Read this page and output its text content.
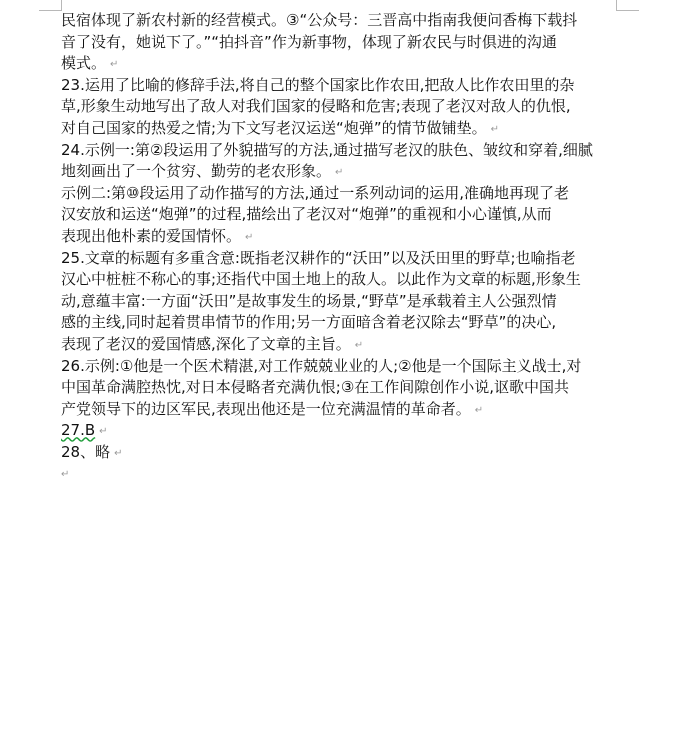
民宿体现了新农村新的经营模式。③“公众号：三晋高中指南我便问香梅下载抖
音了没有，她说下了。”“拍抖音”作为新事物，体现了新农民与时俱进的沟通
模式。 ↵
23.运用了比喻的修辞手法,将自己的整个国家比作农田,把敌人比作农田里的杂
草,形象生动地写出了敌人对我们国家的侵略和危害;表现了老汉对敌人的仇恨,
对自己国家的热爱之情;为下文写老汉运送“炮弹”的情节做铺垫。 ↵
24.示例一:第②段运用了外貌描写的方法,通过描写老汉的肤色、皱纹和穿着,细腻
地刻画出了一个贫穷、勤劳的老农形象。 ↵
示例二:第⑩段运用了动作描写的方法,通过一系列动词的运用,准确地再现了老
汉安放和运送“炮弹”的过程,描绘出了老汉对“炮弹”的重视和小心谨慎,从而
表现出他朴素的爱国情怀。 ↵
25.文章的标题有多重含意:既指老汉耕作的“沃田”以及沃田里的野草;也喻指老
汉心中桩桩不称心的事;还指代中国土地上的敌人。以此作为文章的标题,形象生
动,意蕴丰富:一方面“沃田”是故事发生的场景,“野草”是承载着主人公强烈情
感的主线,同时起着贯串情节的作用;另一方面暗含着老汉除去“野草”的决心,
表现了老汉的爱国情感,深化了文章的主旨。 ↵
26.示例:①他是一个医术精湛,对工作兢兢业业的人;②他是一个国际主义战士,对
中国革命满腔热忱,对日本侵略者充满仇恨;③在工作间隙创作小说,讴歌中国共
产党领导下的边区军民,表现出他还是一位充满温情的革命者。 ↵
27.B ↵
28、略 ↵
↵
